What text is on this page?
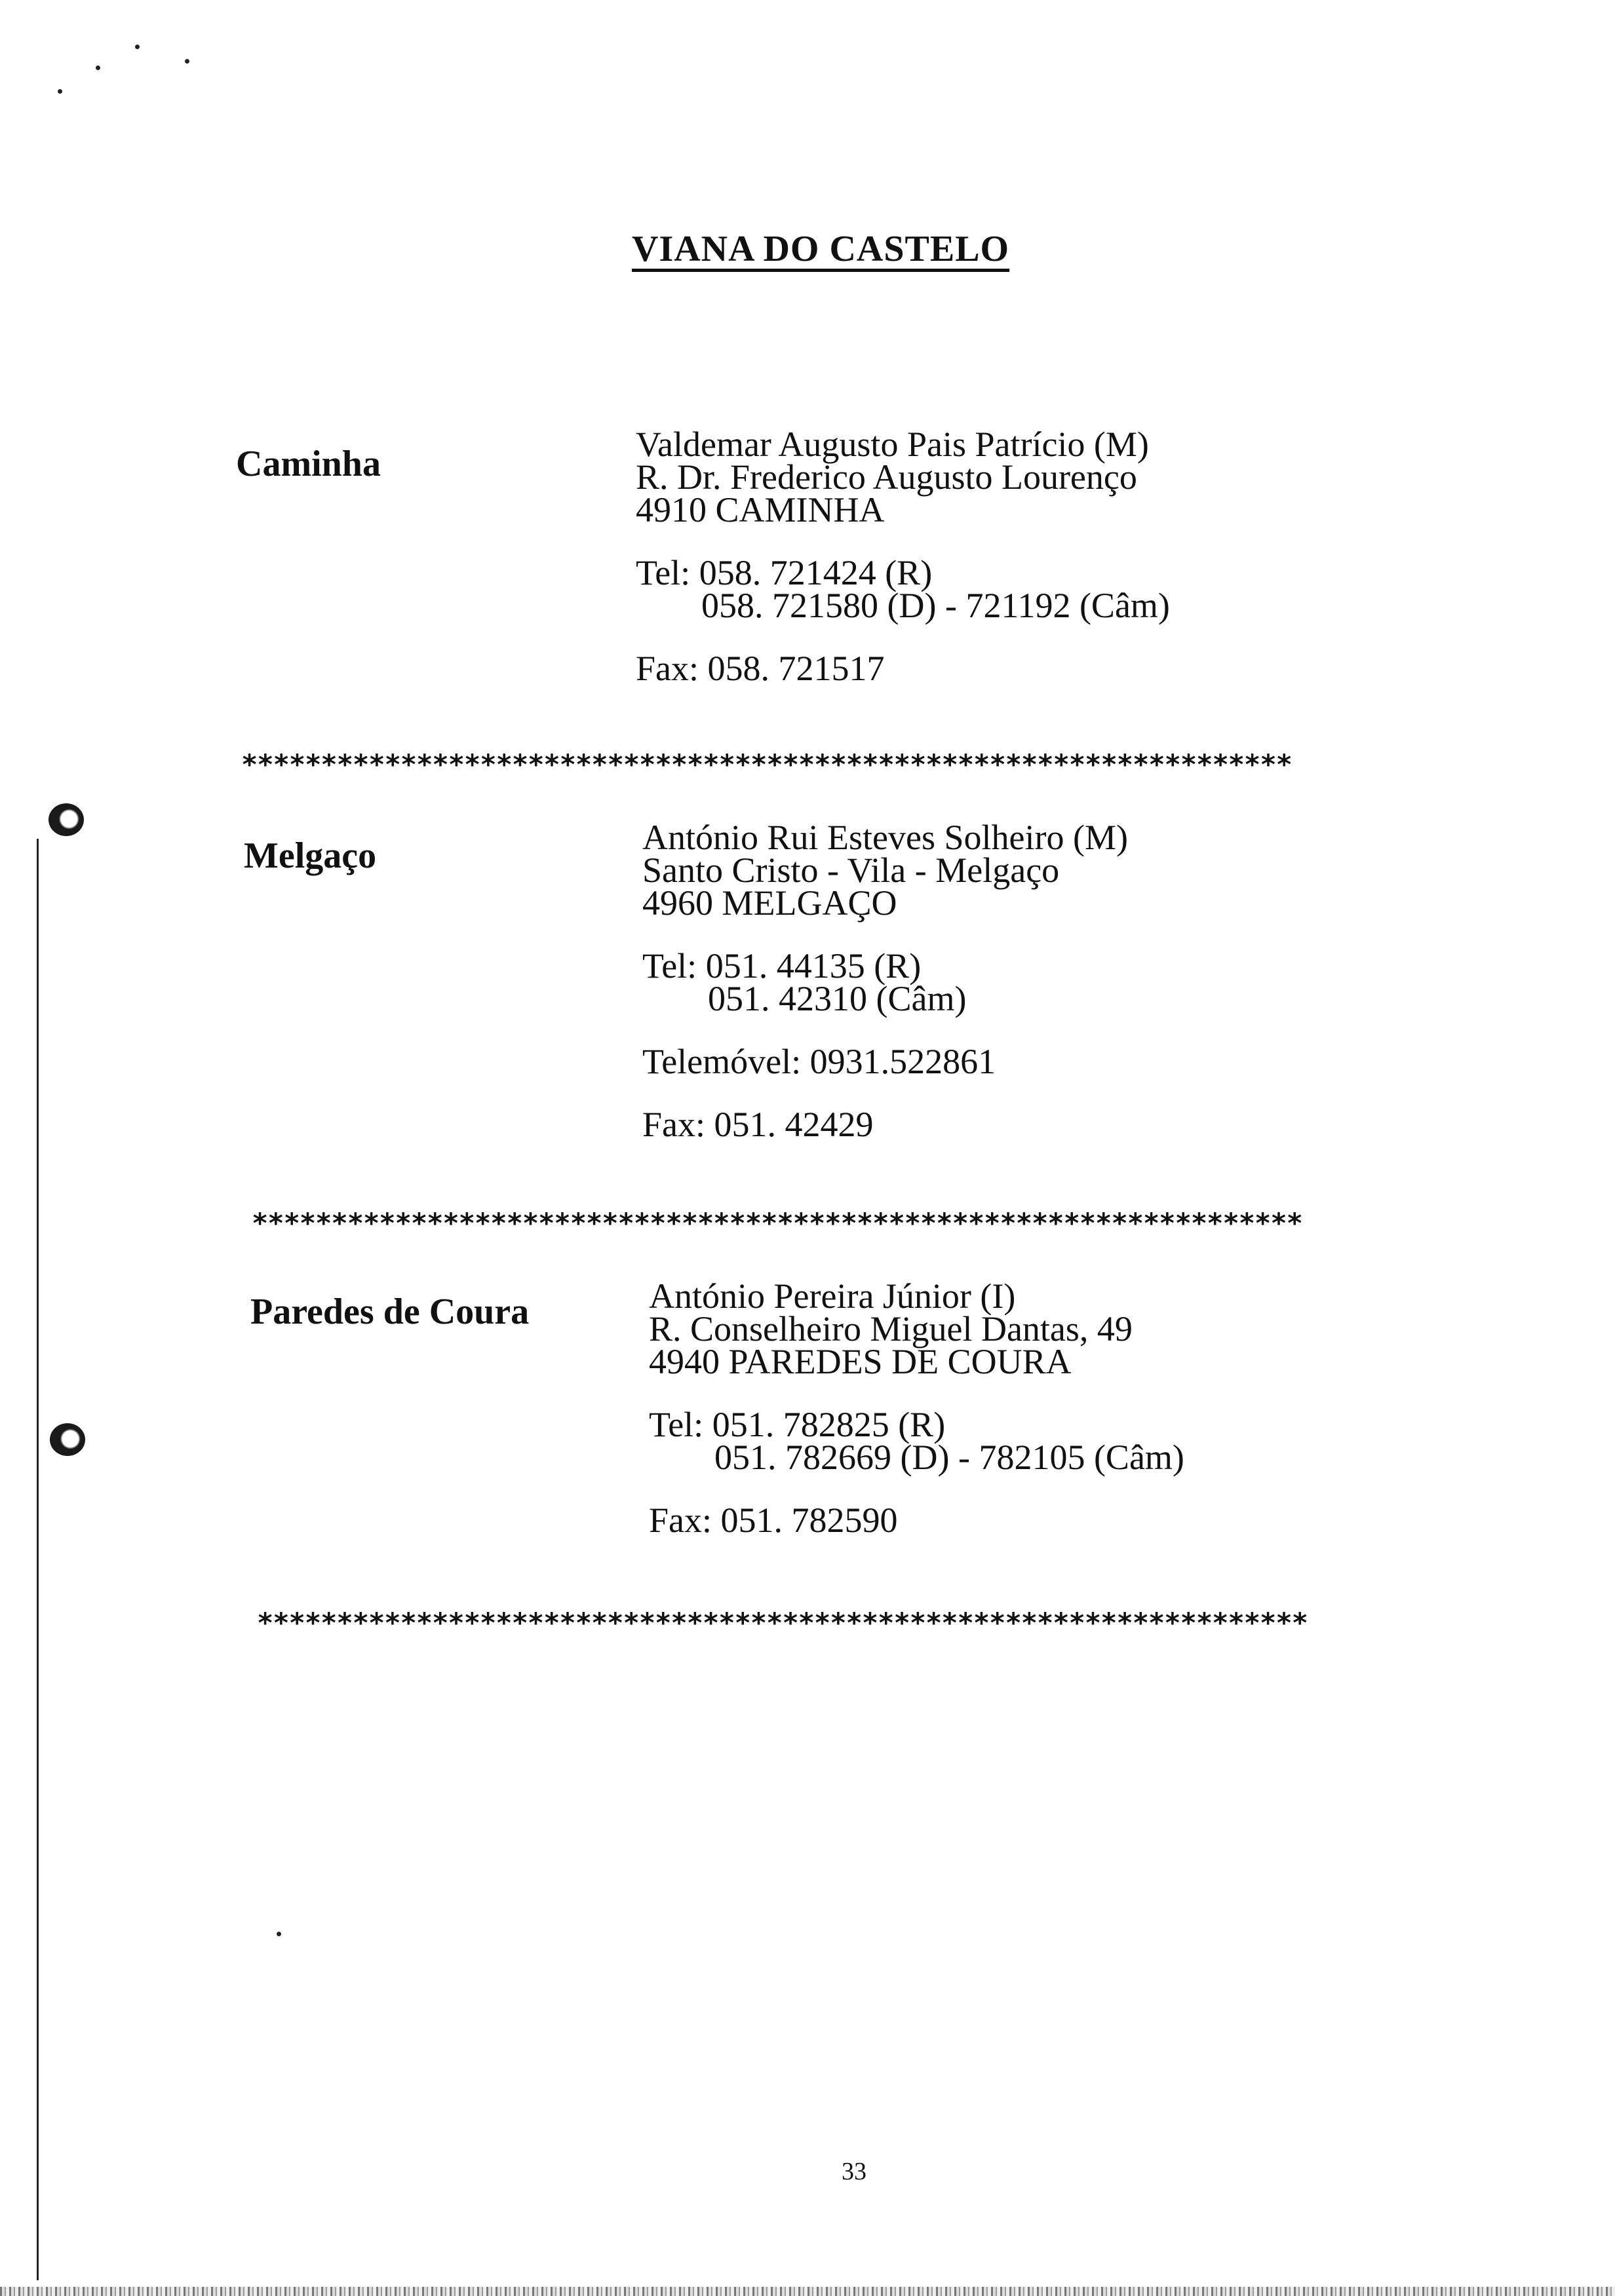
VIANA DO CASTELO
Caminha	Valdemar Augusto Pais Patrício (M)
R. Dr. Frederico Augusto Lourenço
4910 CAMINHA
Tel: 058. 721424 (R)
058. 721580 (D) - 721192 (Câm)
Fax: 058. 721517
******************************************************************
Melgaço	António Rui Esteves Solheiro (M)
Santo Cristo - Vila - Melgaço
4960 MELGAÇO
Tel: 051. 44135 (R)
051. 42310 (Câm)
Telemóvel: 0931.522861
Fax: 051. 42429
******************************************************************
Paredes de Coura	António Pereira Júnior (I)
R. Conselheiro Miguel Dantas, 49
4940 PAREDES DE COURA
Tel: 051. 782825 (R)
051. 782669 (D) - 782105 (Câm)
Fax: 051. 782590
******************************************************************
33
